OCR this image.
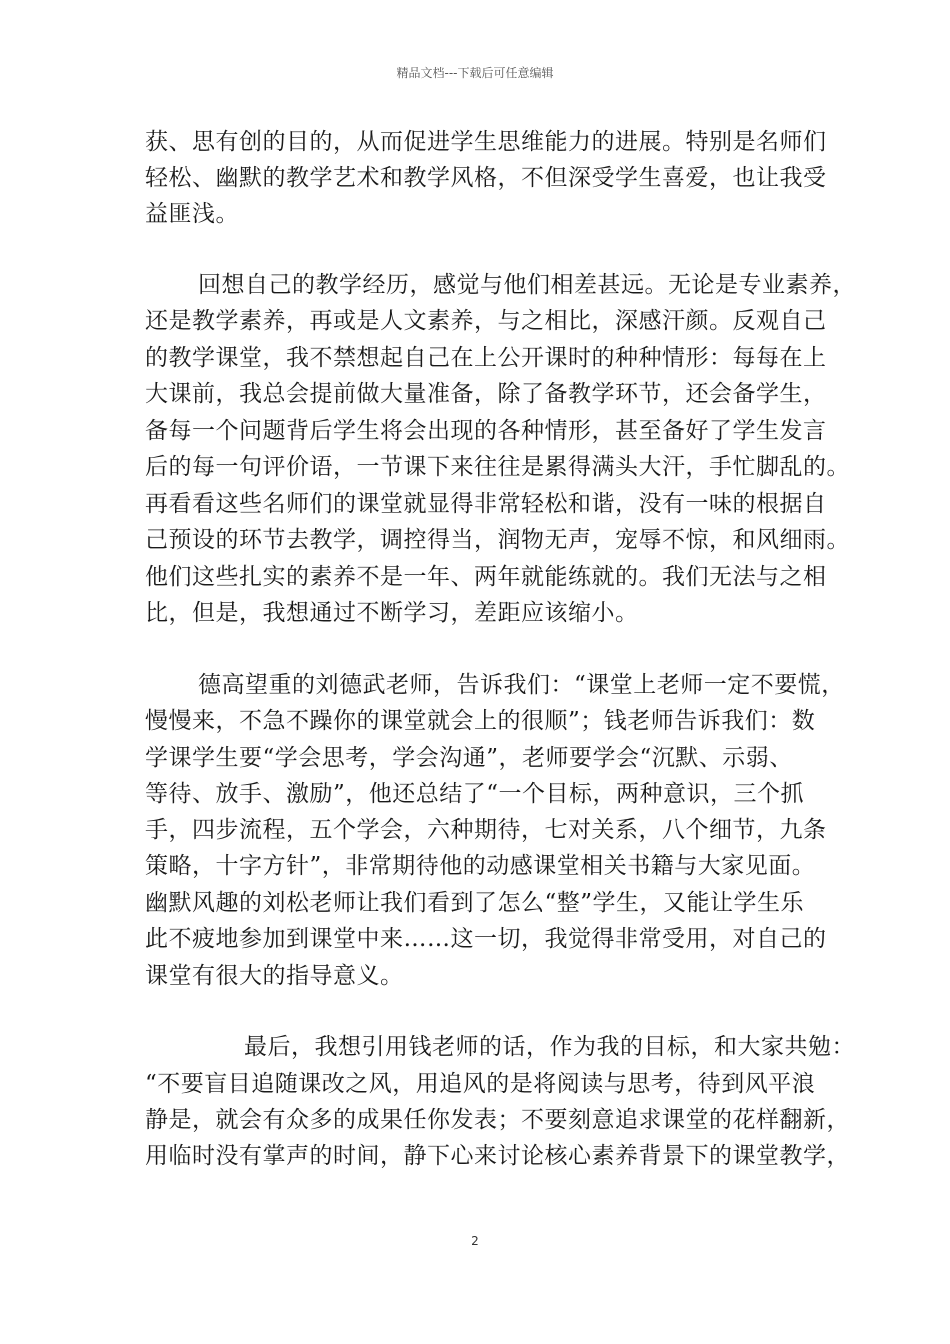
精品文档---下载后可任意编辑
获、思有创的目的，从而促进学生思维能力的进展。特别是名师们
轻松、幽默的教学艺术和教学风格，不但深受学生喜爱，也让我受
益匪浅。
回想自己的教学经历，感觉与他们相差甚远。无论是专业素养，
还是教学素养，再或是人文素养，与之相比，深感汗颜。反观自己
的教学课堂，我不禁想起自己在上公开课时的种种情形：每每在上
大课前，我总会提前做大量准备，除了备教学环节，还会备学生，
备每一个问题背后学生将会出现的各种情形，甚至备好了学生发言
后的每一句评价语，一节课下来往往是累得满头大汗，手忙脚乱的。
再看看这些名师们的课堂就显得非常轻松和谐，没有一味的根据自
己预设的环节去教学，调控得当，润物无声，宠辱不惊，和风细雨。
他们这些扎实的素养不是一年、两年就能练就的。我们无法与之相
比，但是，我想通过不断学习，差距应该缩小。
德高望重的刘德武老师，告诉我们：“课堂上老师一定不要慌，
慢慢来，不急不躁你的课堂就会上的很顺”；钱老师告诉我们：数
学课学生要“学会思考，学会沟通”，老师要学会“沉默、示弱、
等待、放手、激励”，他还总结了“一个目标，两种意识，三个抓
手，四步流程，五个学会，六种期待，七对关系，八个细节，九条
策略，十字方针”，非常期待他的动感课堂相关书籍与大家见面。
幽默风趣的刘松老师让我们看到了怎么“整”学生，又能让学生乐
此不疲地参加到课堂中来……这一切，我觉得非常受用，对自己的
课堂有很大的指导意义。
最后，我想引用钱老师的话，作为我的目标，和大家共勉：
“不要盲目追随课改之风，用追风的是将阅读与思考，待到风平浪
静是，就会有众多的成果任你发表；不要刻意追求课堂的花样翻新，
用临时没有掌声的时间，静下心来讨论核心素养背景下的课堂教学，
2
